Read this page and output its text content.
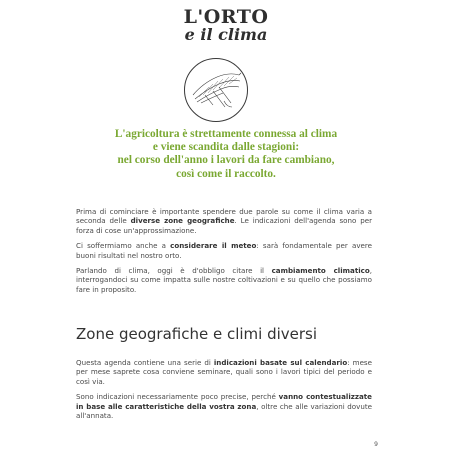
L'ORTO
e il clima
L'agricoltura è strettamente connessa al clima
e viene scandita dalle stagioni:
nel corso dell'anno i lavori da fare cambiano,
così come il raccolto.

Prima di cominciare è importante spendere due parole su come il clima varia a seconda delle diverse zone geografiche. Le indicazioni dell'agenda sono per forza di cose un'approssimazione.

Ci soffermiamo anche a considerare il meteo: sarà fondamentale per avere buoni risultati nel nostro orto.

Parlando di clima, oggi è d'obbligo citare il cambiamento climatico, interrogandoci su come impatta sulle nostre coltivazioni e su quello che possiamo fare in proposito.

Zone geografiche e climi diversi

Questa agenda contiene una serie di indicazioni basate sul calendario: mese per mese saprete cosa conviene seminare, quali sono i lavori tipici del periodo e così via.

Sono indicazioni necessariamente poco precise, perché vanno contestualizzate in base alle caratteristiche della vostra zona, oltre che alle variazioni dovute all'annata.

9
